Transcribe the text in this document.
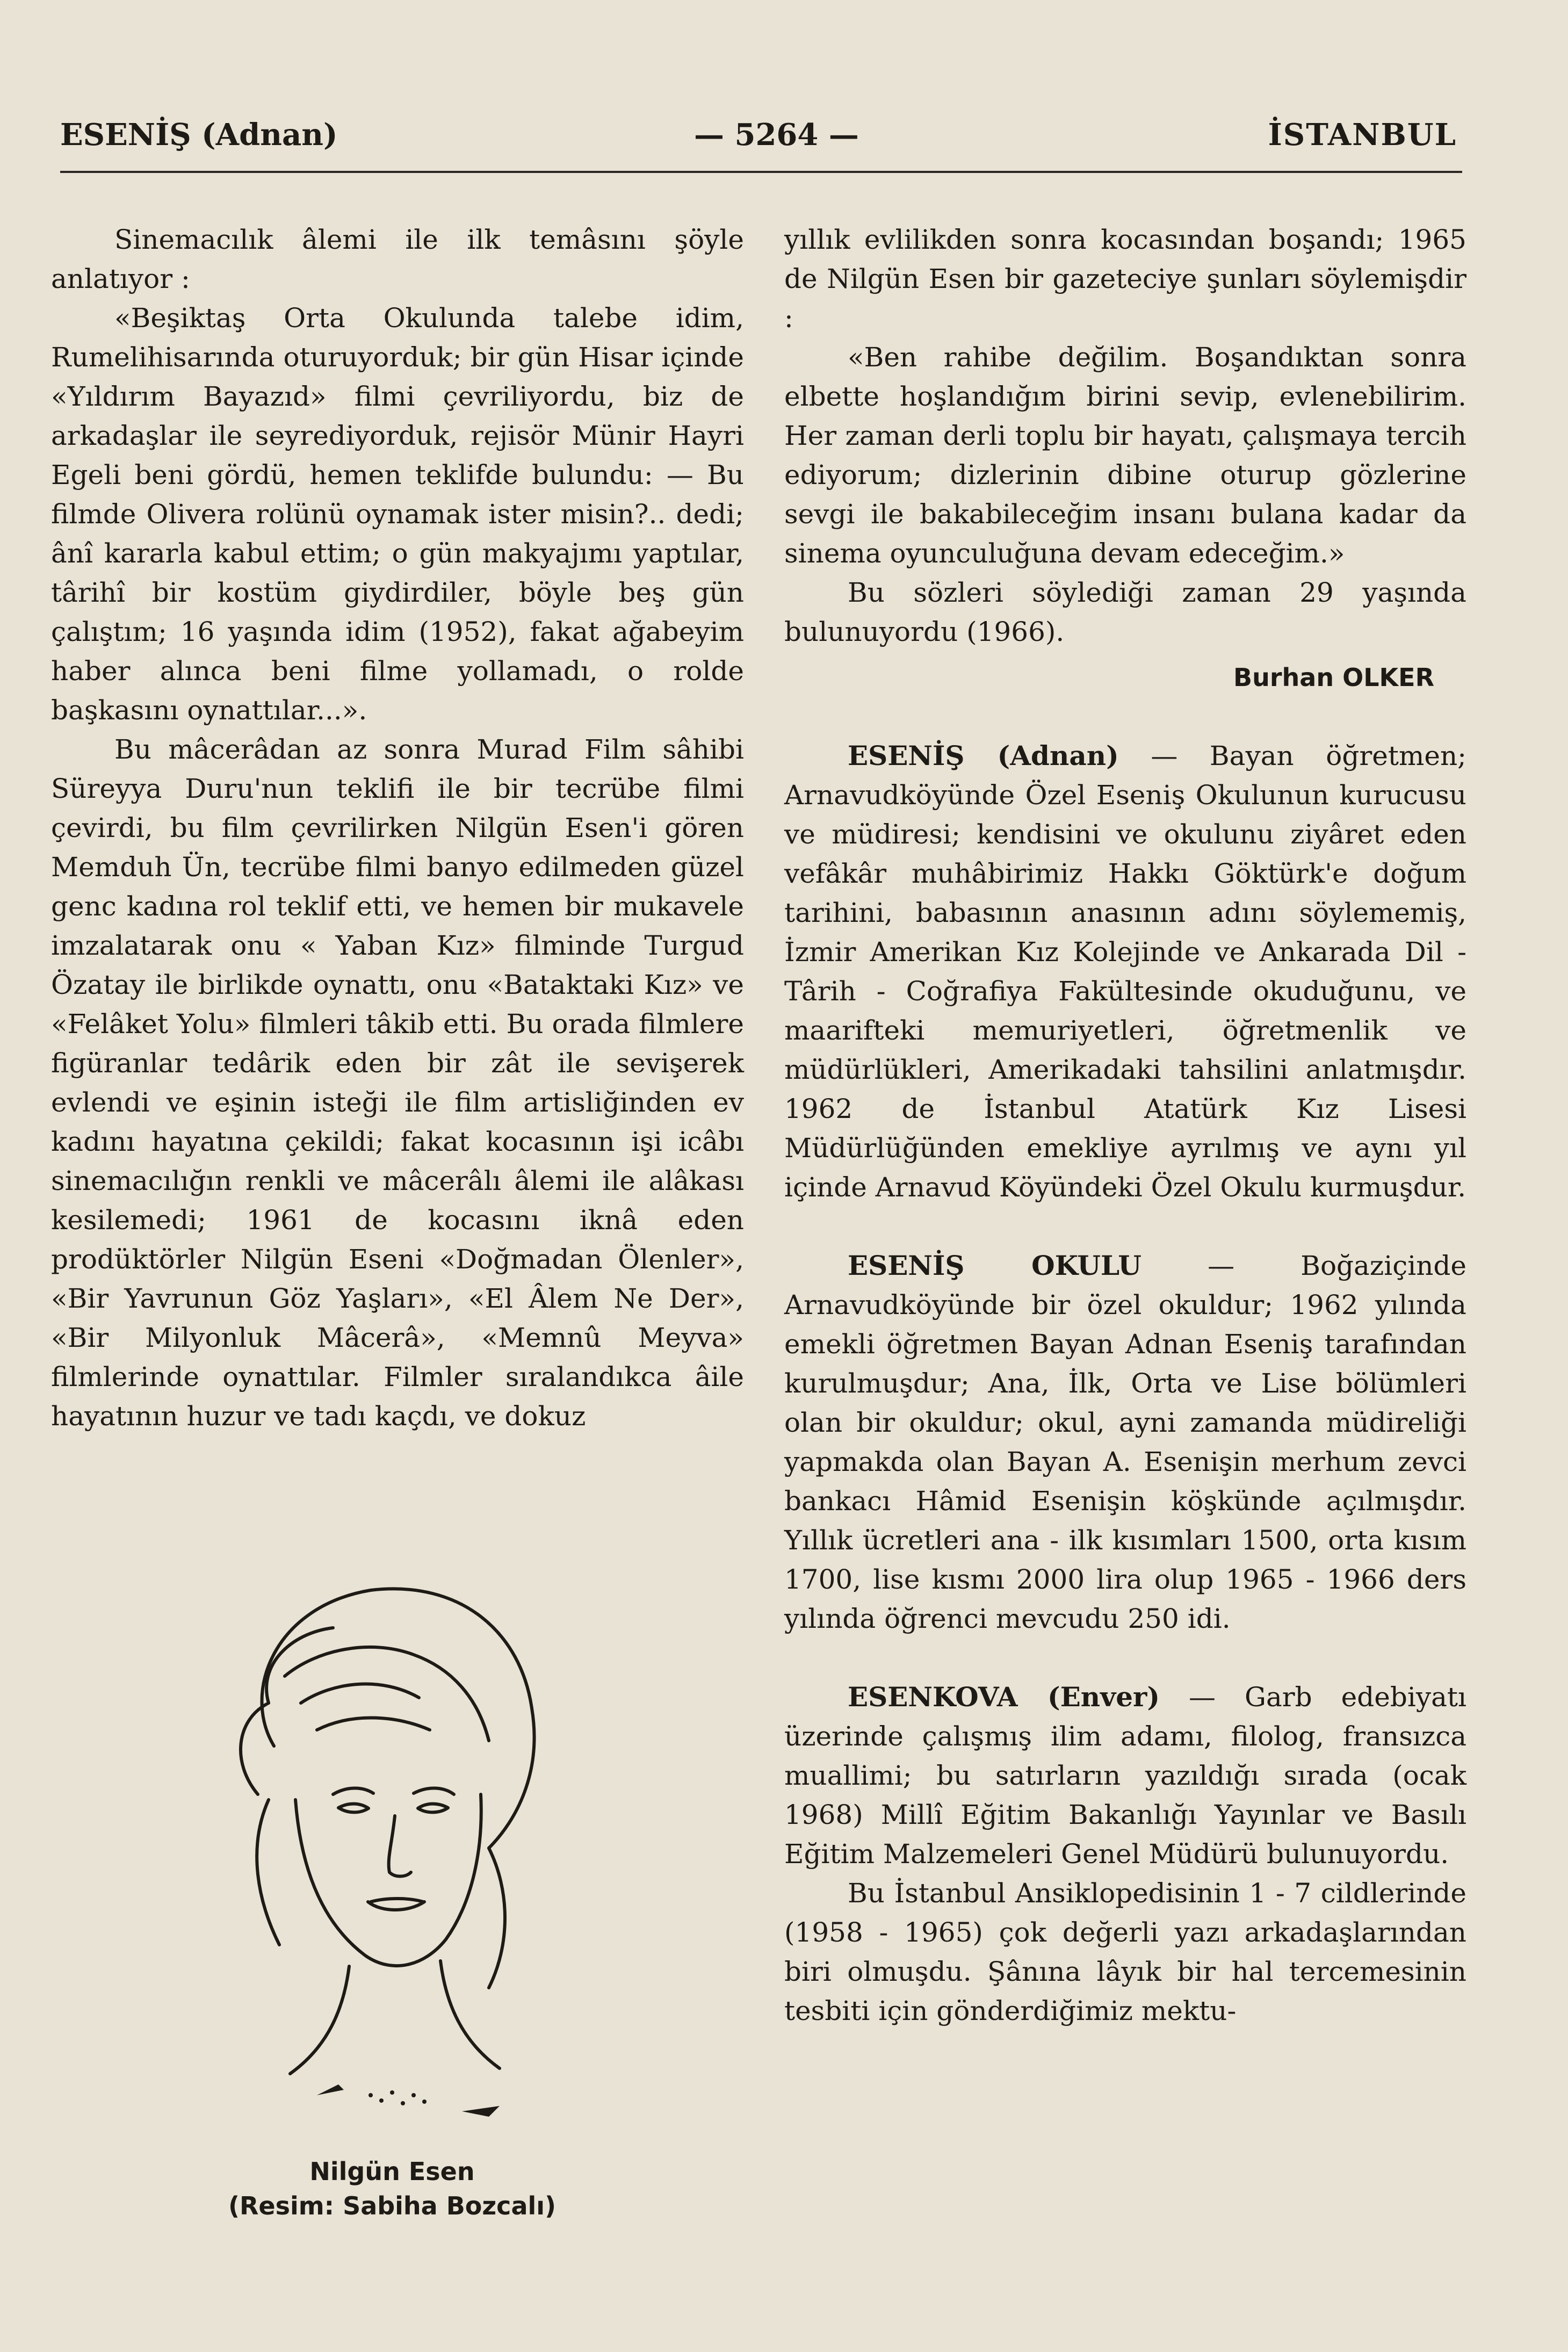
ESENİŞ (Adnan)	— 5264 —	İSTANBUL

Sinemacılık âlemi ile ilk temâsını şöyle anlatıyor :

«Beşiktaş Orta Okulunda talebe idim, Rumelihisarında oturuyorduk; bir gün Hisar içinde «Yıldırım Bayazıd» filmi çevriliyordu, biz de arkadaşlar ile seyrediyorduk, rejisör Münir Hayri Egeli beni gördü, hemen teklifde bulundu: — Bu filmde Olivera rolünü oynamak ister misin?.. dedi; ânî kararla kabul ettim; o gün makyajımı yaptılar, târihî bir kostüm giydirdiler, böyle beş gün çalıştım; 16 yaşında idim (1952), fakat ağabeyim haber alınca beni filme yollamadı, o rolde başkasını oynattılar...».

Bu mâcerâdan az sonra Murad Film sâhibi Süreyya Duru'nun teklifi ile bir tecrübe filmi çevirdi, bu film çevrilirken Nilgün Esen'i gören Memduh Ün, tecrübe filmi banyo edilmeden güzel genc kadına rol teklif etti, ve hemen bir mukavele imzalatarak onu « Yaban Kız» filminde Turgud Özatay ile birlikde oynattı, onu «Bataktaki Kız» ve «Felâket Yolu» filmleri tâkib etti. Bu orada filmlere figüranlar tedârik eden bir zât ile sevişerek evlendi ve eşinin isteği ile film artisliğinden ev kadını hayatına çekildi; fakat kocasının işi icâbı sinemacılığın renkli ve mâcerâlı âlemi ile alâkası kesilemedi; 1961 de kocasını iknâ eden prodüktörler Nilgün Eseni «Doğmadan Ölenler», «Bir Yavrunun Göz Yaşları», «El Âlem Ne Der», «Bir Milyonluk Mâcerâ», «Memnû Meyva» filmlerinde oynattılar. Filmler sıralandıkca âile hayatının huzur ve tadı kaçdı, ve dokuz

Nilgün Esen
(Resim: Sabiha Bozcalı)

yıllık evlilikden sonra kocasından boşandı; 1965 de Nilgün Esen bir gazeteciye şunları söylemişdir :

«Ben rahibe değilim. Boşandıktan sonra elbette hoşlandığım birini sevip, evlenebilirim. Her zaman derli toplu bir hayatı, çalışmaya tercih ediyorum; dizlerinin dibine oturup gözlerine sevgi ile bakabileceğim insanı bulana kadar da sinema oyunculuğuna devam edeceğim.»

Bu sözleri söylediği zaman 29 yaşında bulunuyordu (1966).

Burhan OLKER

ESENİŞ (Adnan) — Bayan öğretmen; Arnavudköyünde Özel Eseniş Okulunun kurucusu ve müdiresi; kendisini ve okulunu ziyâret eden vefâkâr muhâbirimiz Hakkı Göktürk'e doğum tarihini, babasının anasının adını söylememiş, İzmir Amerikan Kız Kolejinde ve Ankarada Dil - Târih - Coğrafiya Fakültesinde okuduğunu, ve maarifteki memuriyetleri, öğretmenlik ve müdürlükleri, Amerikadaki tahsilini anlatmışdır. 1962 de İstanbul Atatürk Kız Lisesi Müdürlüğünden emekliye ayrılmış ve aynı yıl içinde Arnavud Köyündeki Özel Okulu kurmuşdur.

ESENİŞ OKULU — Boğaziçinde Arnavudköyünde bir özel okuldur; 1962 yılında emekli öğretmen Bayan Adnan Eseniş tarafından kurulmuşdur; Ana, İlk, Orta ve Lise bölümleri olan bir okuldur; okul, ayni zamanda müdireliği yapmakda olan Bayan A. Esenişin merhum zevci bankacı Hâmid Esenişin köşkünde açılmışdır. Yıllık ücretleri ana - ilk kısımları 1500, orta kısım 1700, lise kısmı 2000 lira olup 1965 - 1966 ders yılında öğrenci mevcudu 250 idi.

ESENKOVA (Enver) — Garb edebiyatı üzerinde çalışmış ilim adamı, filolog, fransızca muallimi; bu satırların yazıldığı sırada (ocak 1968) Millî Eğitim Bakanlığı Yayınlar ve Basılı Eğitim Malzemeleri Genel Müdürü bulunuyordu.

Bu İstanbul Ansiklopedisinin 1 - 7 cildlerinde (1958 - 1965) çok değerli yazı arkadaşlarından biri olmuşdu. Şânına lâyık bir hal tercemesinin tesbiti için gönderdiğimiz mektu-
